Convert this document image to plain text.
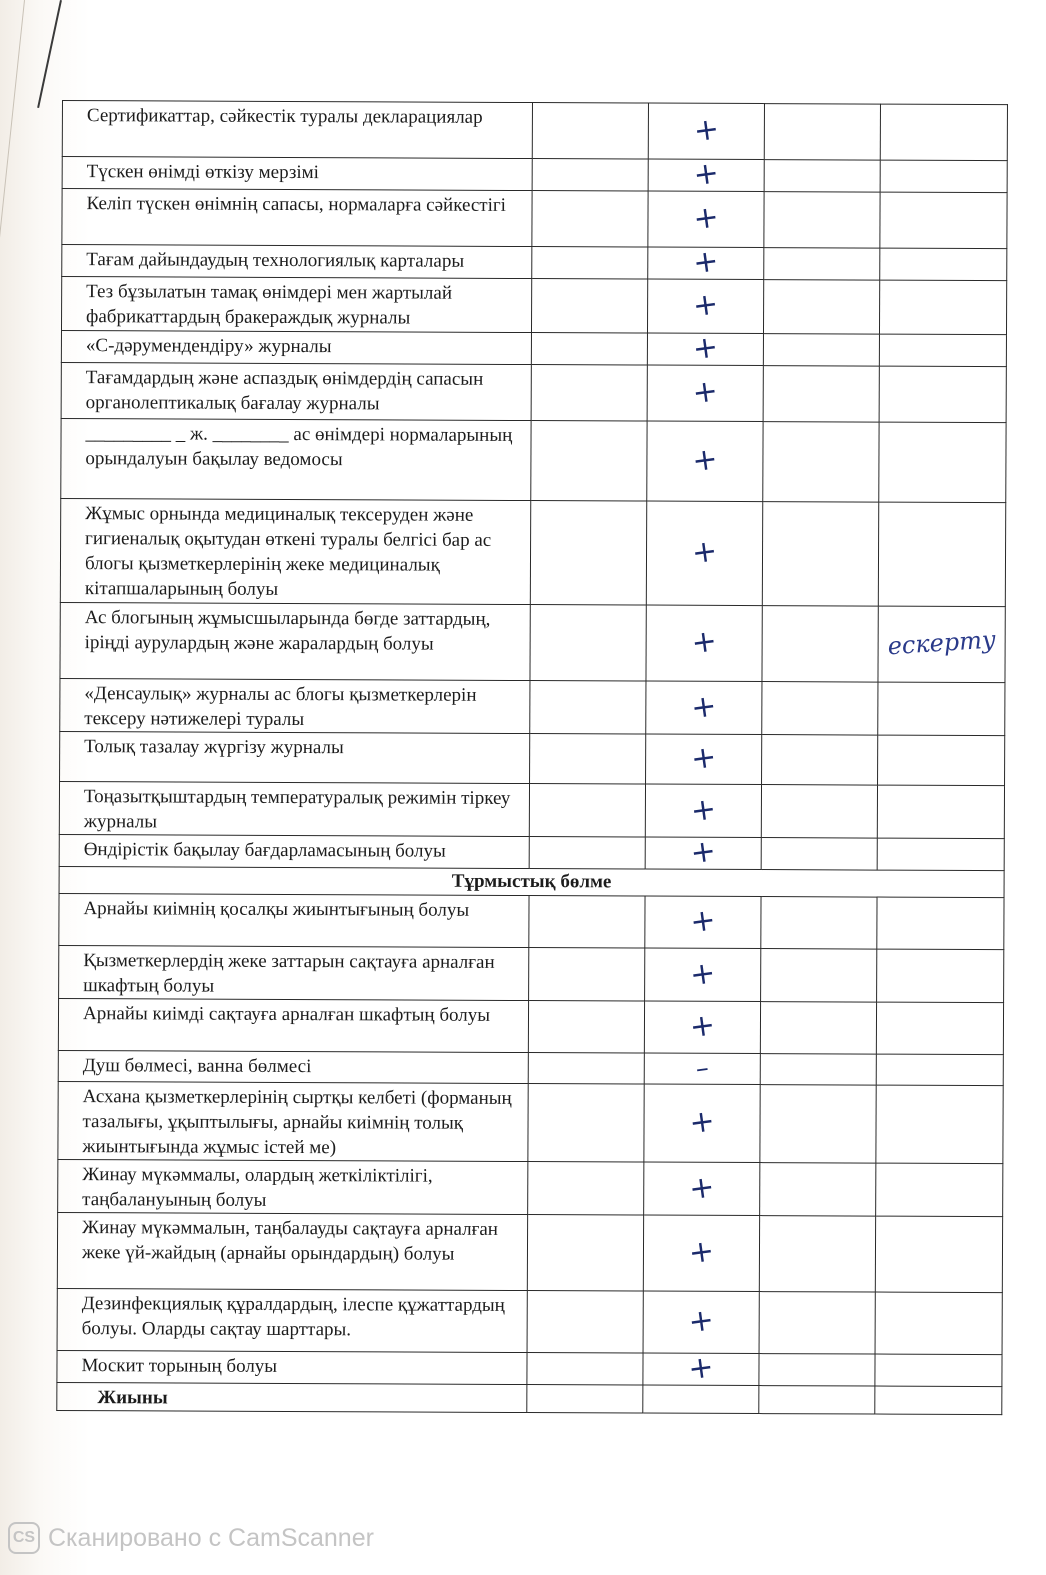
Сертификаттар, сәйкестік туралы декларациялар		+		
Түскен өнімді өткізу мерзімі		+		
Келіп түскен өнімнің сапасы, нормаларға сәйкестігі		+		
Тағам дайындаудың технологиялық карталары		+		
Тез бұзылатын тамақ өнімдері мен жартылай фабрикаттардың бракераждық журналы		+		
«С-дәрумендендіру» журналы		+		
Тағамдардың және аспаздық өнімдердің сапасын органолептикалық бағалау журналы		+		
_________ _ ж. ________ ас өнімдері нормаларының орындалуын бақылау ведомосы		+		
Жұмыс орнында медициналық тексеруден және гигиеналық оқытудан өткені туралы белгісі бар ас блогы қызметкерлерінің жеке медициналық кітапшаларының болуы		+		
Ас блогының жұмысшыларында бөгде заттардың, іріңді аурулардың және жаралардың болуы		+		ескерту
«Денсаулық» журналы ас блогы қызметкерлерін тексеру нәтижелері туралы		+		
Толық тазалау жүргізу журналы		+		
Тоңазытқыштардың температуралық режимін тіркеу журналы		+		
Өндірістік бақылау бағдарламасының болуы		+		
Тұрмыстық бөлме				
Арнайы киімнің қосалқы жиынтығының болуы		+		
Қызметкерлердің жеке заттарын сақтауға арналған шкафтың болуы		+		
Арнайы киімді сақтауға арналған шкафтың болуы		+		
Душ бөлмесі, ванна бөлмесі		–		
Асхана қызметкерлерінің сыртқы келбеті (форманың тазалығы, ұқыптылығы, арнайы киімнің толық жиынтығында жұмыс істей ме)		+		
Жинау мүкәммалы, олардың жеткіліктілігі, таңбалануының болуы		+		
Жинау мүкәммалын, таңбалауды сақтауға арналған жеке үй-жайдың (арнайы орындардың) болуы		+		
Дезинфекциялық құралдардың, ілеспе құжаттардың болуы. Оларды сақтау шарттары.		+		
Москит торының болуы		+		
Жиыны				
CS Сканировано с CamScanner
